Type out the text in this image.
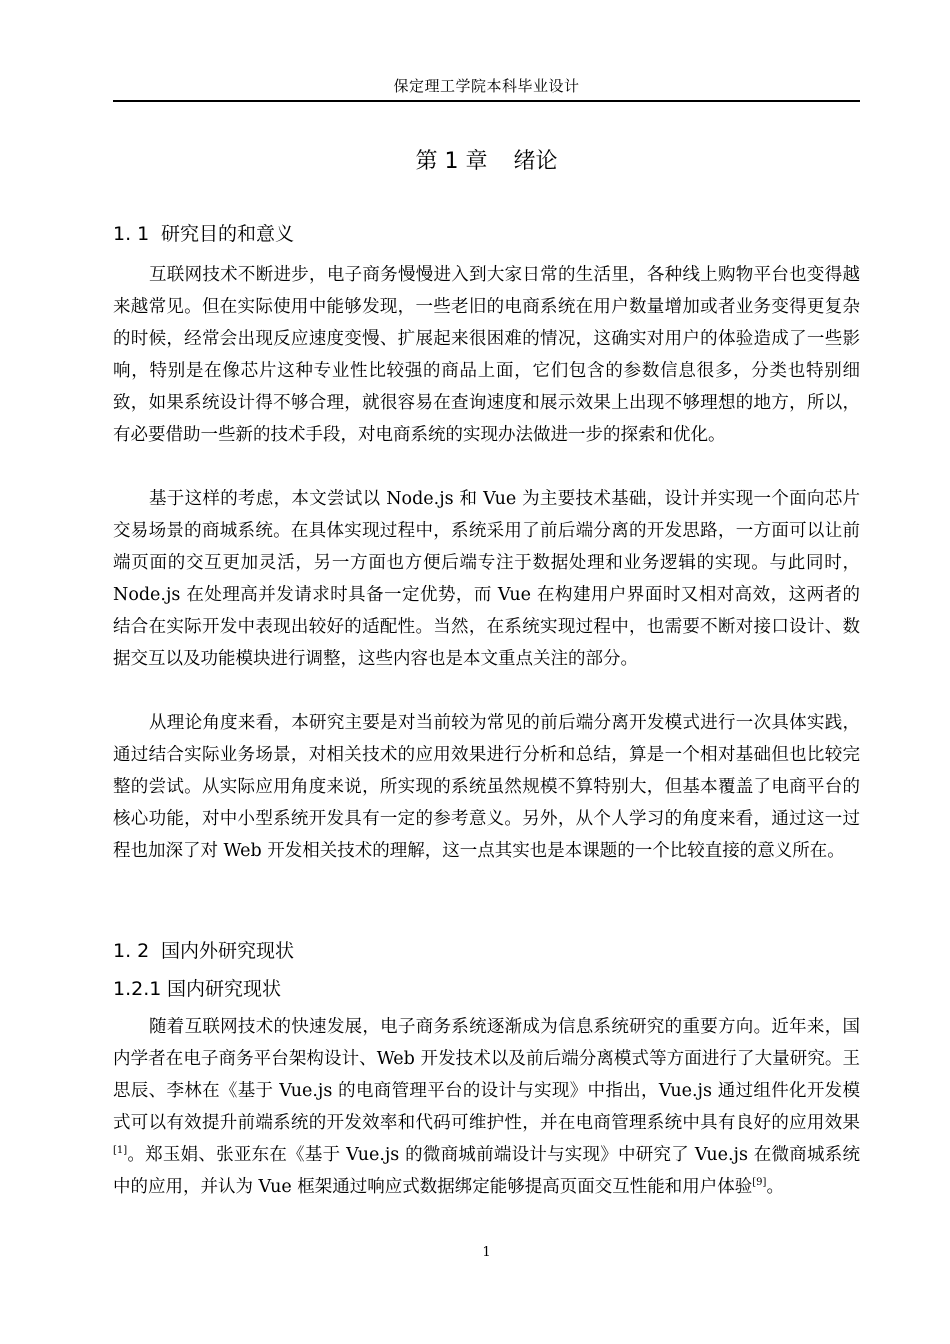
保定理工学院本科毕业设计
第 1 章 绪论
1. 1 研究目的和意义

互联网技术不断进步，电子商务慢慢进入到大家日常的生活里，各种线上购物平台也变得越来越常见。但在实际使用中能够发现，一些老旧的电商系统在用户数量增加或者业务变得更复杂的时候，经常会出现反应速度变慢、扩展起来很困难的情况，这确实对用户的体验造成了一些影响，特别是在像芯片这种专业性比较强的商品上面，它们包含的参数信息很多，分类也特别细致，如果系统设计得不够合理，就很容易在查询速度和展示效果上出现不够理想的地方，所以，有必要借助一些新的技术手段，对电商系统的实现办法做进一步的探索和优化。

基于这样的考虑，本文尝试以 Node.js 和 Vue 为主要技术基础，设计并实现一个面向芯片交易场景的商城系统。在具体实现过程中，系统采用了前后端分离的开发思路，一方面可以让前端页面的交互更加灵活，另一方面也方便后端专注于数据处理和业务逻辑的实现。与此同时，Node.js 在处理高并发请求时具备一定优势，而 Vue 在构建用户界面时又相对高效，这两者的结合在实际开发中表现出较好的适配性。当然，在系统实现过程中，也需要不断对接口设计、数据交互以及功能模块进行调整，这些内容也是本文重点关注的部分。

从理论角度来看，本研究主要是对当前较为常见的前后端分离开发模式进行一次具体实践，通过结合实际业务场景，对相关技术的应用效果进行分析和总结，算是一个相对基础但也比较完整的尝试。从实际应用角度来说，所实现的系统虽然规模不算特别大，但基本覆盖了电商平台的核心功能，对中小型系统开发具有一定的参考意义。另外，从个人学习的角度来看，通过这一过程也加深了对 Web 开发相关技术的理解，这一点其实也是本课题的一个比较直接的意义所在。

1. 2 国内外研究现状
1.2.1 国内研究现状

随着互联网技术的快速发展，电子商务系统逐渐成为信息系统研究的重要方向。近年来，国内学者在电子商务平台架构设计、Web 开发技术以及前后端分离模式等方面进行了大量研究。王思辰、李林在《基于 Vue.js 的电商管理平台的设计与实现》中指出，Vue.js 通过组件化开发模式可以有效提升前端系统的开发效率和代码可维护性，并在电商管理系统中具有良好的应用效果[1]。郑玉娟、张亚东在《基于 Vue.js 的微商城前端设计与实现》中研究了 Vue.js 在微商城系统中的应用，并认为 Vue 框架通过响应式数据绑定能够提高页面交互性能和用户体验[9]。

1
